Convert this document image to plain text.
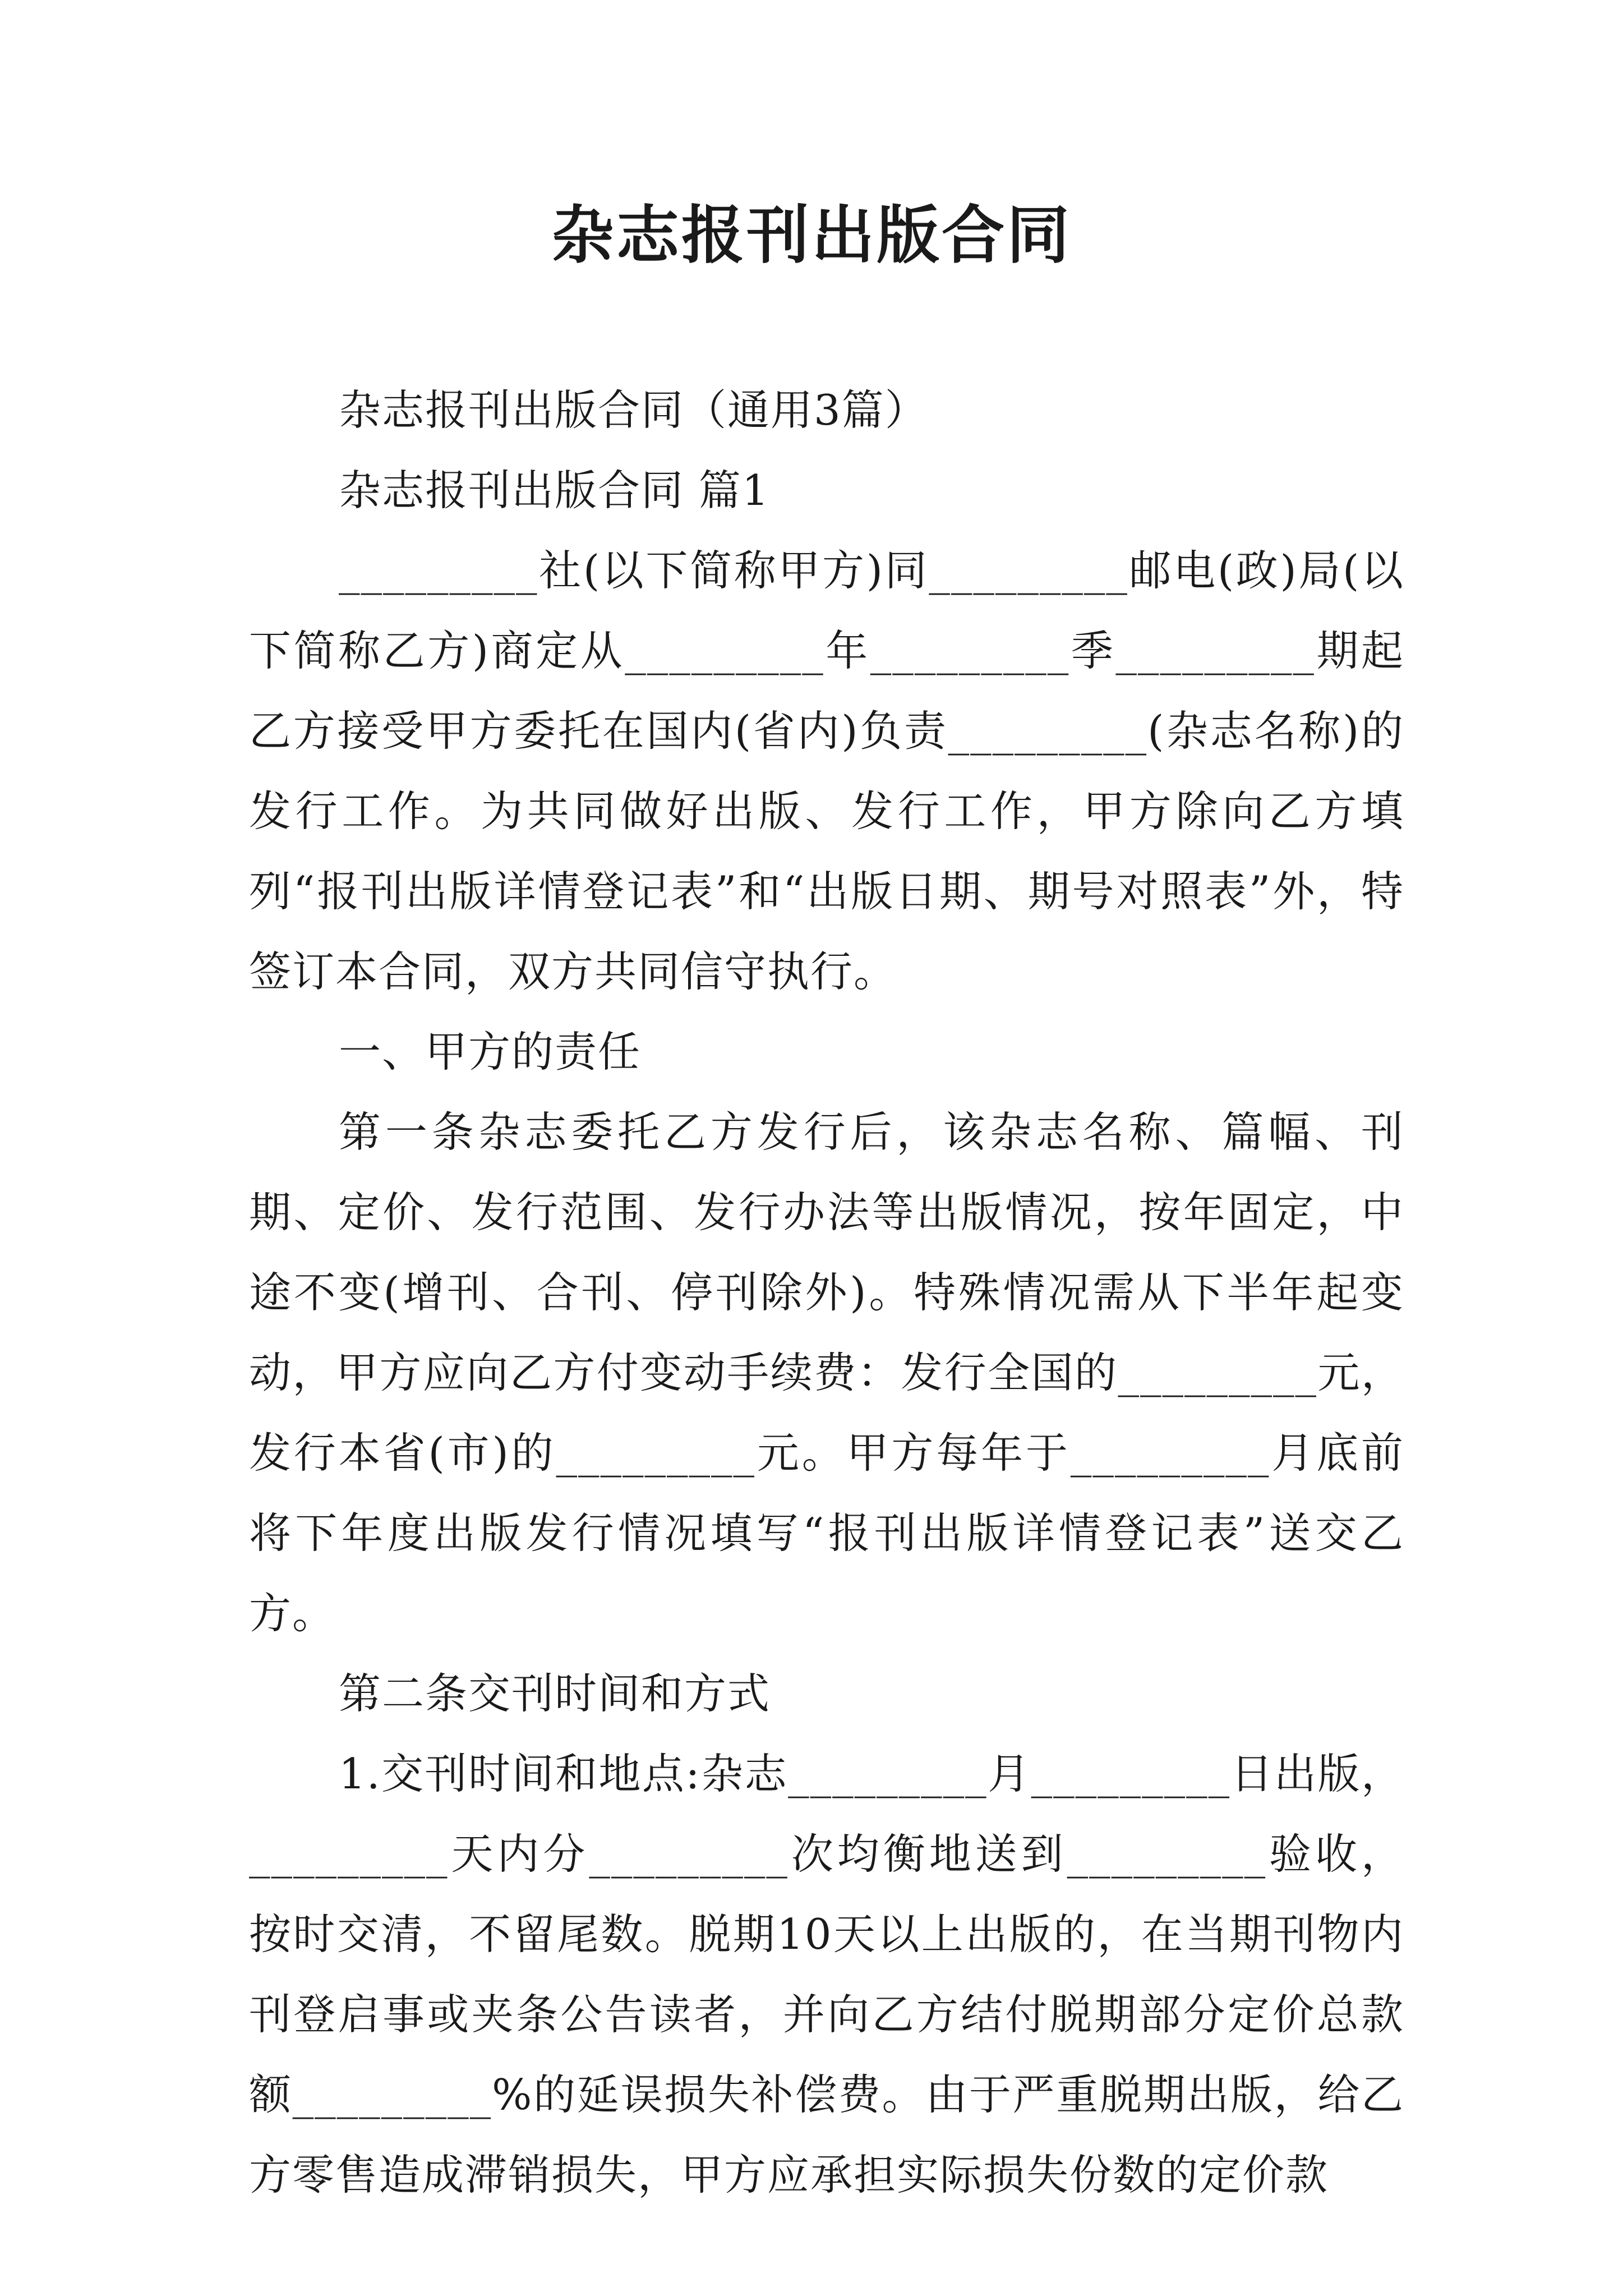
杂志报刊出版合同

杂志报刊出版合同（通用3篇）

杂志报刊出版合同 篇1

_________社(以下简称甲方)同_________邮电(政)局(以下简称乙方)商定从_________年_________季_________期起乙方接受甲方委托在国内(省内)负责_________(杂志名称)的发行工作。为共同做好出版、发行工作，甲方除向乙方填列“报刊出版详情登记表”和“出版日期、期号对照表”外，特签订本合同，双方共同信守执行。

一、甲方的责任

第一条杂志委托乙方发行后，该杂志名称、篇幅、刊期、定价、发行范围、发行办法等出版情况，按年固定，中途不变(增刊、合刊、停刊除外)。特殊情况需从下半年起变动，甲方应向乙方付变动手续费：发行全国的_________元，发行本省(市)的_________元。甲方每年于_________月底前将下年度出版发行情况填写“报刊出版详情登记表”送交乙方。

第二条交刊时间和方式

1.交刊时间和地点:杂志_________月_________日出版，_________天内分_________次均衡地送到_________验收，按时交清，不留尾数。脱期10天以上出版的，在当期刊物内刊登启事或夹条公告读者，并向乙方结付脱期部分定价总款额_________%的延误损失补偿费。由于严重脱期出版，给乙方零售造成滞销损失，甲方应承担实际损失份数的定价款
